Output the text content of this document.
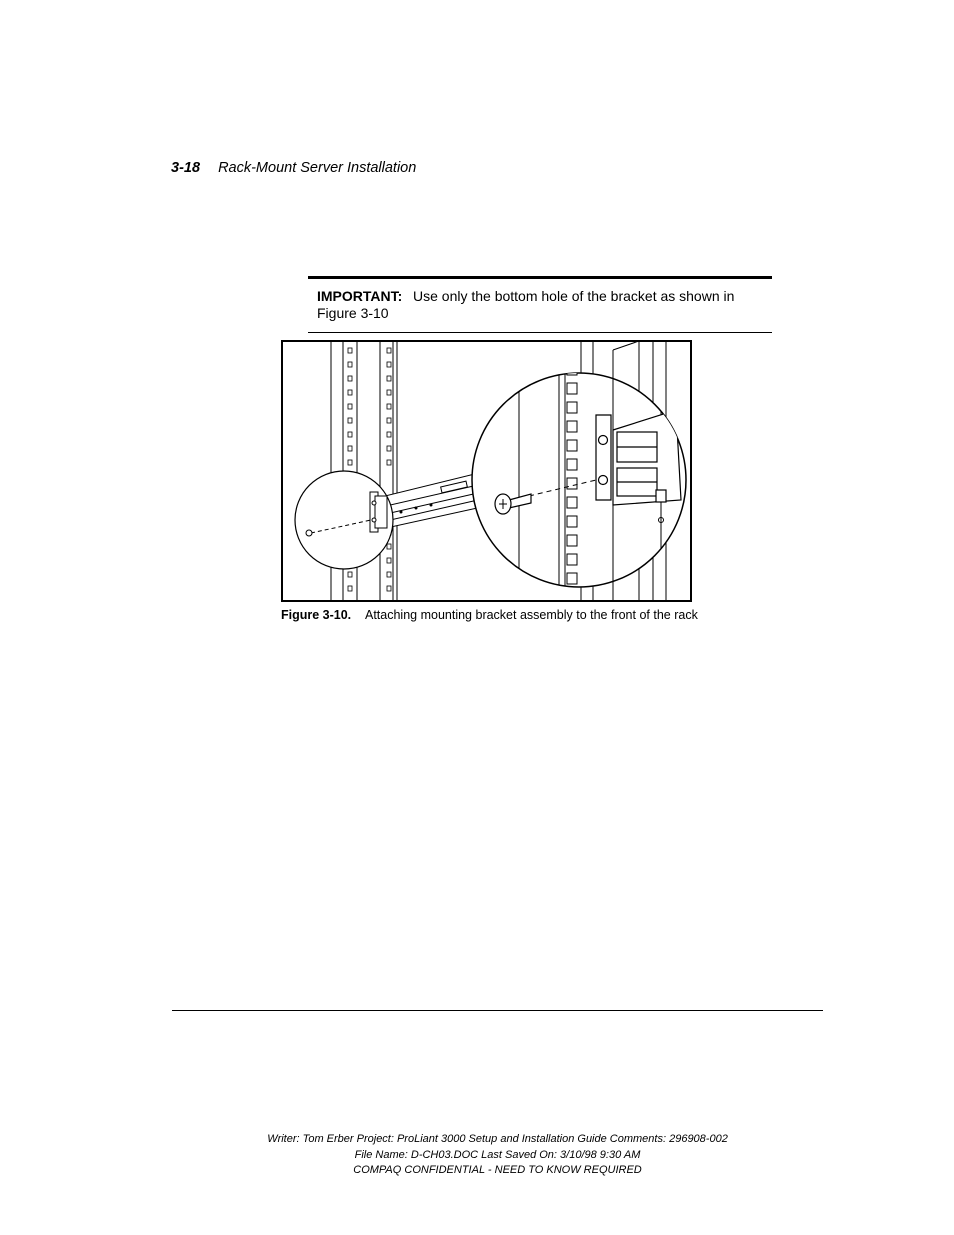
3-18 Rack-Mount Server Installation
IMPORTANT: Use only the bottom hole of the bracket as shown in Figure 3-10
Figure 3-10. Attaching mounting bracket assembly to the front of the rack
Writer: Tom Erber Project: ProLiant 3000 Setup and Installation Guide Comments: 296908-002
File Name: D-CH03.DOC Last Saved On: 3/10/98 9:30 AM
COMPAQ CONFIDENTIAL - NEED TO KNOW REQUIRED
